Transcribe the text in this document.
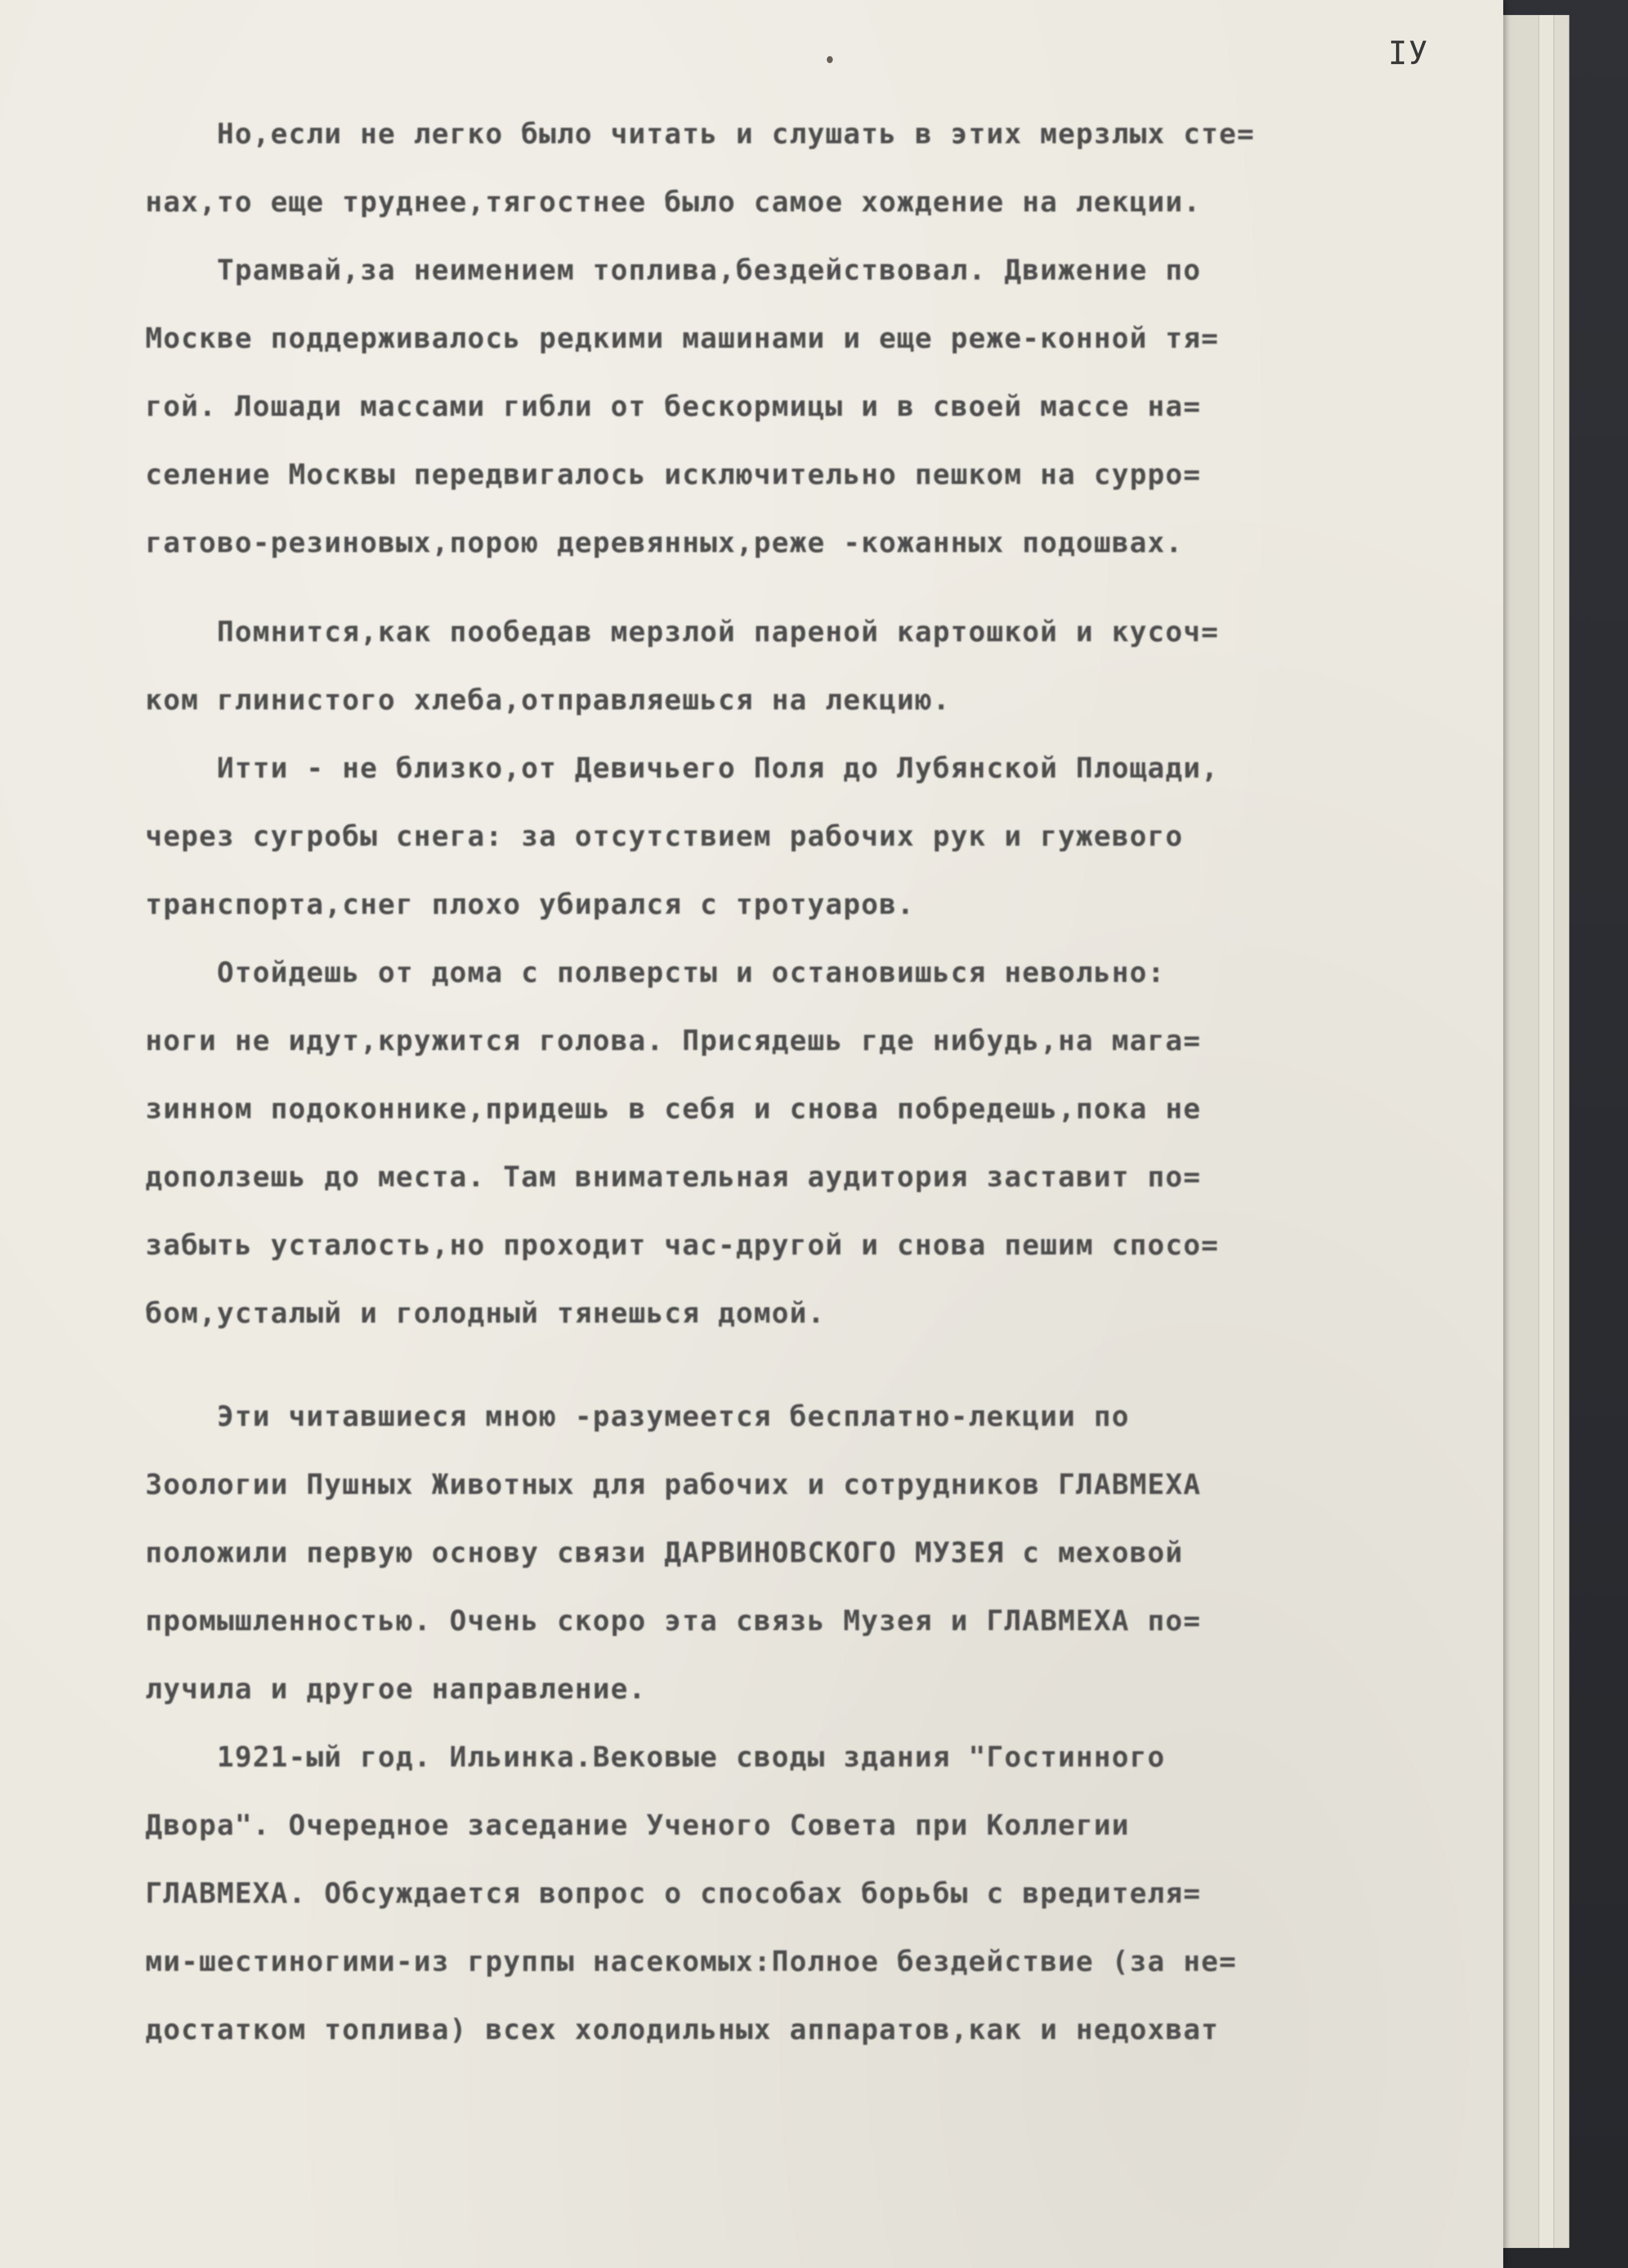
IУ
Но,если не легко было читать и слушать в этих мерзлых сте=
нах,то еще труднее,тягостнее было самое хождение на лекции.
Трамвай,за неимением топлива,бездействовал. Движение по
Москве поддерживалось редкими машинами и еще реже-конной тя=
гой. Лошади массами гибли от бескормицы и в своей массе на=
селение Москвы передвигалось исключительно пешком на сурро=
гатово-резиновых,порою деревянных,реже -кожанных подошвах.
Помнится,как пообедав мерзлой пареной картошкой и кусоч=
ком глинистого хлеба,отправляешься на лекцию.
Итти - не близко,от Девичьего Поля до Лубянской Площади,
через сугробы снега: за отсутствием рабочих рук и гужевого
транспорта,снег плохо убирался с тротуаров.
Отойдешь от дома с полверсты и остановишься невольно:
ноги не идут,кружится голова. Присядешь где нибудь,на мага=
зинном подоконнике,придешь в себя и снова побредешь,пока не
доползешь до места. Там внимательная аудитория заставит по=
забыть усталость,но проходит час-другой и снова пешим спосо=
бом,усталый и голодный тянешься домой.
Эти читавшиеся мною -разумеется бесплатно-лекции по
Зоологии Пушных Животных для рабочих и сотрудников ГЛАВМЕХА
положили первую основу связи ДАРВИНОВСКОГО МУЗЕЯ с меховой
промышленностью. Очень скоро эта связь Музея и ГЛАВМЕХА по=
лучила и другое направление.
1921-ый год. Ильинка.Вековые своды здания "Гостинного
Двора". Очередное заседание Ученого Совета при Коллегии
ГЛАВМЕХА. Обсуждается вопрос о способах борьбы с вредителя=
ми-шестиногими-из группы насекомых:Полное бездействие (за не=
достатком топлива) всех холодильных аппаратов,как и недохват
